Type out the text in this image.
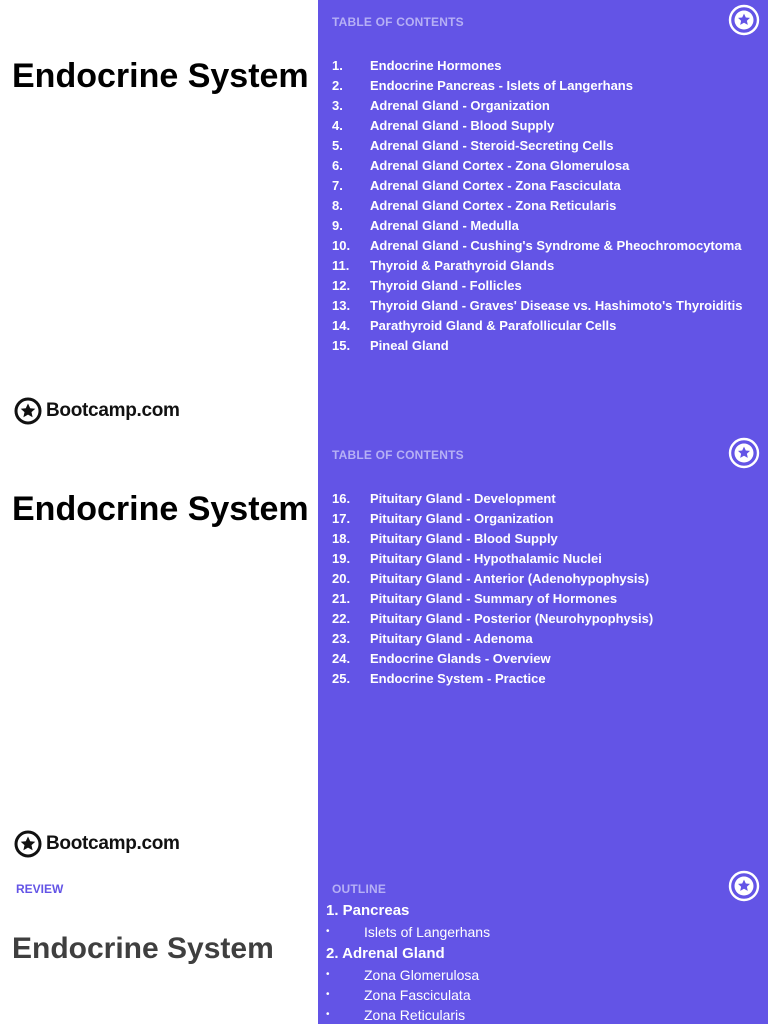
Endocrine System
Bootcamp.com
TABLE OF CONTENTS
1.	Endocrine Hormones
2.	Endocrine Pancreas - Islets of Langerhans
3.	Adrenal Gland - Organization
4.	Adrenal Gland - Blood Supply
5.	Adrenal Gland - Steroid-Secreting Cells
6.	Adrenal Gland Cortex - Zona Glomerulosa
7.	Adrenal Gland Cortex - Zona Fasciculata
8.	Adrenal Gland Cortex - Zona Reticularis
9.	Adrenal Gland - Medulla
10.	Adrenal Gland - Cushing's Syndrome & Pheochromocytoma
11.	Thyroid & Parathyroid Glands
12.	Thyroid Gland - Follicles
13.	Thyroid Gland - Graves' Disease vs. Hashimoto's Thyroiditis
14.	Parathyroid Gland & Parafollicular Cells
15.	Pineal Gland
Endocrine System
Bootcamp.com
TABLE OF CONTENTS
16.	Pituitary Gland - Development
17.	Pituitary Gland - Organization
18.	Pituitary Gland - Blood Supply
19.	Pituitary Gland - Hypothalamic Nuclei
20.	Pituitary Gland - Anterior (Adenohypophysis)
21.	Pituitary Gland - Summary of Hormones
22.	Pituitary Gland - Posterior (Neurohypophysis)
23.	Pituitary Gland - Adenoma
24.	Endocrine Glands - Overview
25.	Endocrine System - Practice
REVIEW
Endocrine System
OUTLINE
1. Pancreas
• Islets of Langerhans
2. Adrenal Gland
• Zona Glomerulosa
• Zona Fasciculata
• Zona Reticularis
